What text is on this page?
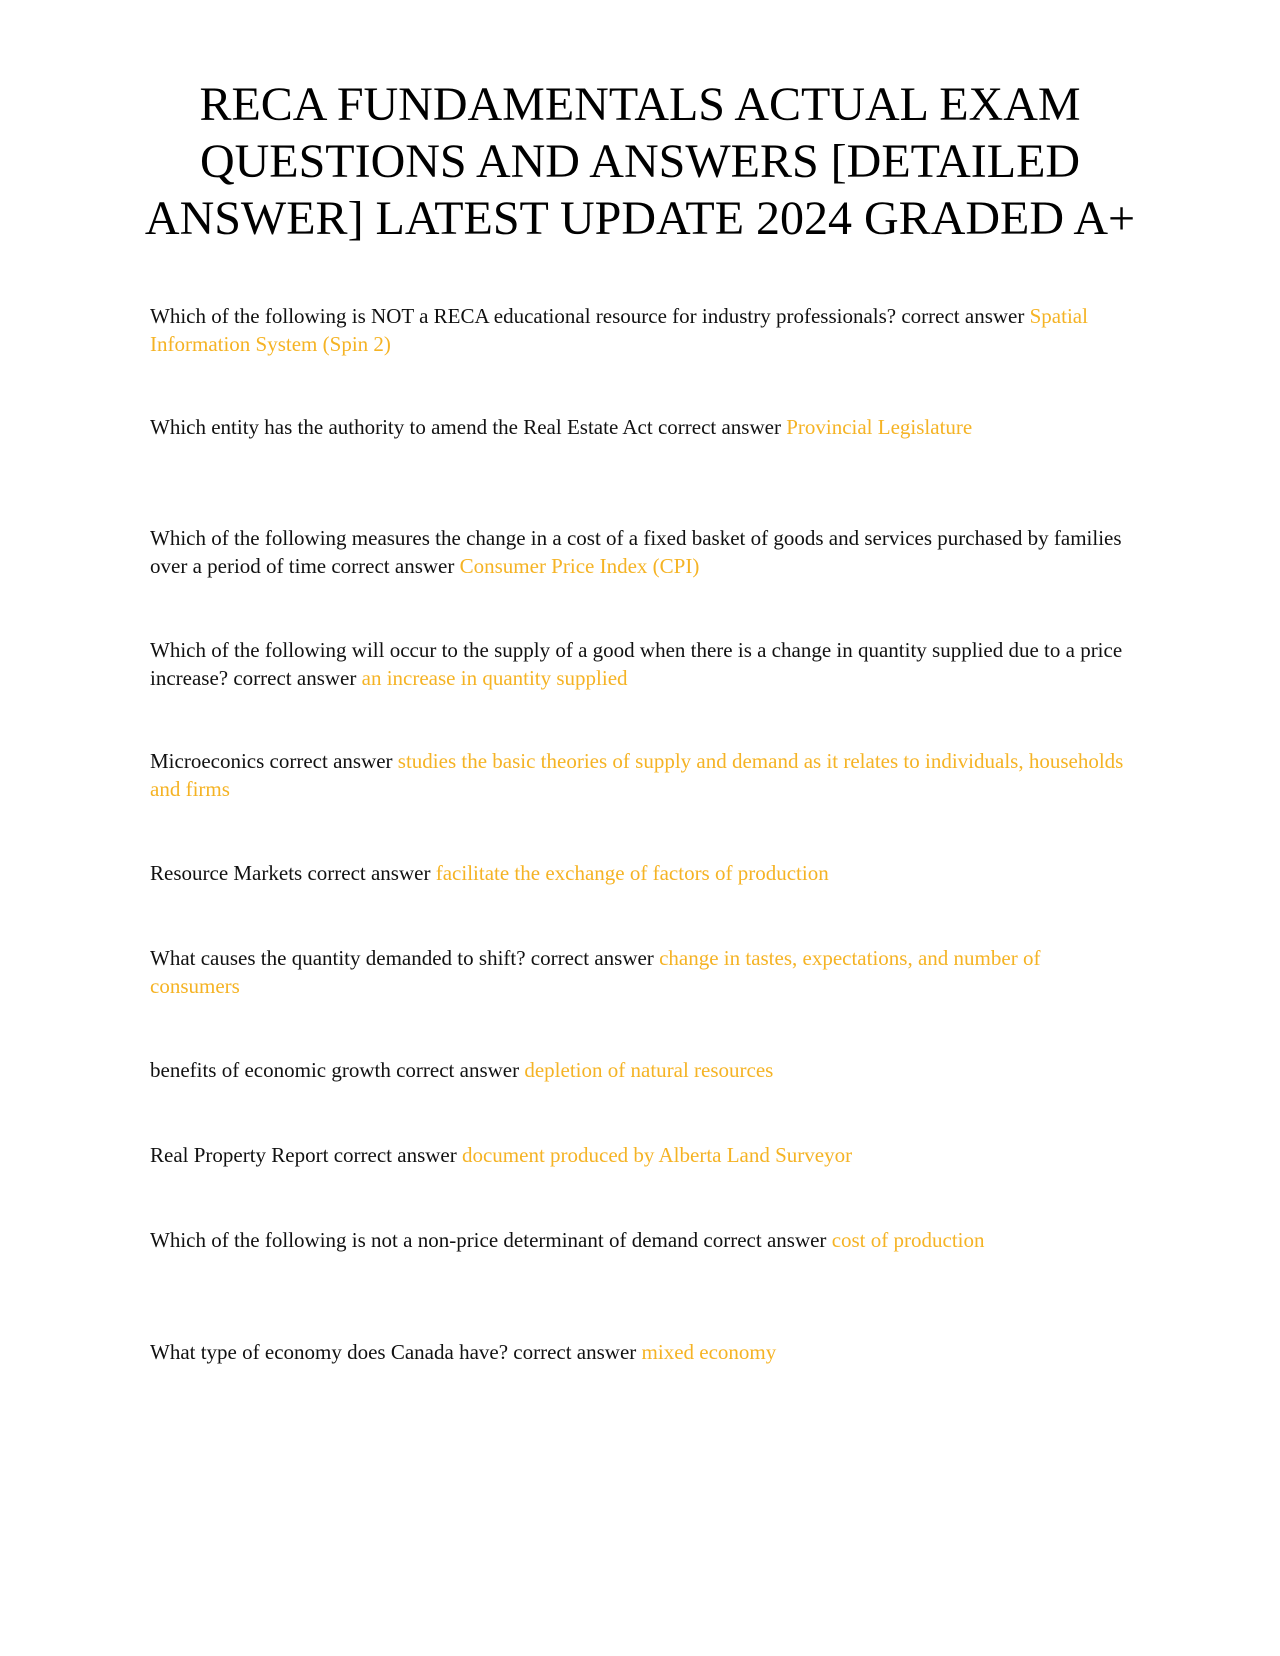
RECA FUNDAMENTALS ACTUAL EXAM QUESTIONS AND ANSWERS [DETAILED ANSWER] LATEST UPDATE 2024 GRADED A+

Which of the following is NOT a RECA educational resource for industry professionals? correct answer Spatial Information System (Spin 2)

Which entity has the authority to amend the Real Estate Act correct answer Provincial Legislature

Which of the following measures the change in a cost of a fixed basket of goods and services purchased by families over a period of time correct answer Consumer Price Index (CPI)

Which of the following will occur to the supply of a good when there is a change in quantity supplied due to a price increase? correct answer an increase in quantity supplied

Microeconics correct answer studies the basic theories of supply and demand as it relates to individuals, households and firms

Resource Markets correct answer facilitate the exchange of factors of production

What causes the quantity demanded to shift? correct answer change in tastes, expectations, and number of consumers

benefits of economic growth correct answer depletion of natural resources

Real Property Report correct answer document produced by Alberta Land Surveyor

Which of the following is not a non-price determinant of demand correct answer cost of production

What type of economy does Canada have? correct answer mixed economy
